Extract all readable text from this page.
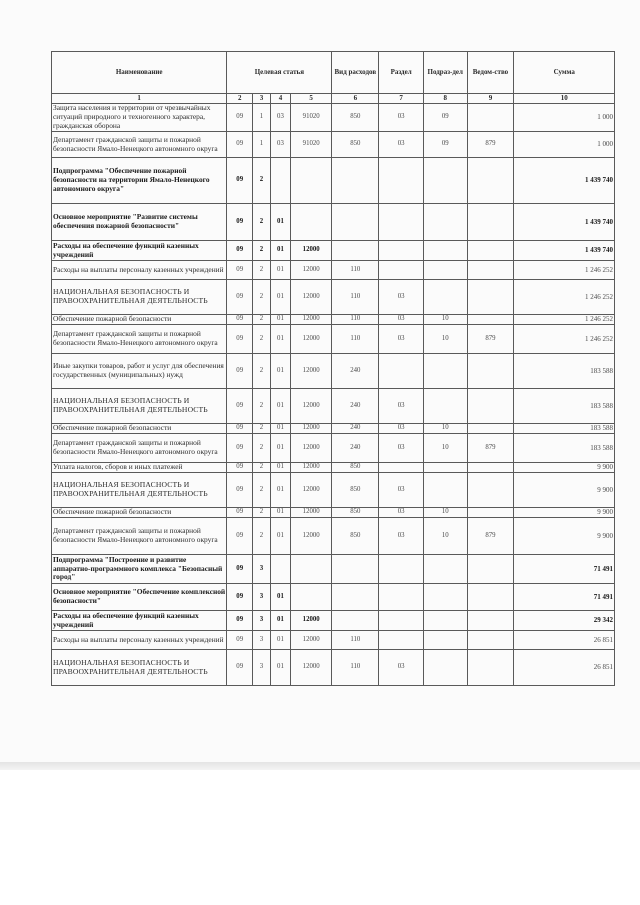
Наименование	Целевая статья				Вид расходов	Раздел	Подраз-дел	Ведом-ство	Сумма
1	2	3	4	5	6	7	8	9	10
Защита населения и территории от чрезвычайных ситуаций природного и техногенного характера, гражданская оборона	09	1	03	91020	850	03	09		1 000
Департамент гражданской защиты и пожарной безопасности Ямало-Ненецкого автономного округа	09	1	03	91020	850	03	09	879	1 000
Подпрограмма "Обеспечение пожарной безопасности на территории Ямало-Ненецкого автономного округа"	09	2							1 439 740
Основное мероприятие "Развитие системы обеспечения пожарной безопасности"	09	2	01						1 439 740
Расходы на обеспечение функций казенных учреждений	09	2	01	12000					1 439 740
Расходы на выплаты персоналу казенных учреждений	09	2	01	12000	110				1 246 252
НАЦИОНАЛЬНАЯ БЕЗОПАСНОСТЬ И ПРАВООХРАНИТЕЛЬНАЯ ДЕЯТЕЛЬНОСТЬ	09	2	01	12000	110	03			1 246 252
Обеспечение пожарной безопасности	09	2	01	12000	110	03	10		1 246 252
Департамент гражданской защиты и пожарной безопасности Ямало-Ненецкого автономного округа	09	2	01	12000	110	03	10	879	1 246 252
Иные закупки товаров, работ и услуг для обеспечения государственных (муниципальных) нужд	09	2	01	12000	240				183 588
НАЦИОНАЛЬНАЯ БЕЗОПАСНОСТЬ И ПРАВООХРАНИТЕЛЬНАЯ ДЕЯТЕЛЬНОСТЬ	09	2	01	12000	240	03			183 588
Обеспечение пожарной безопасности	09	2	01	12000	240	03	10		183 588
Департамент гражданской защиты и пожарной безопасности Ямало-Ненецкого автономного округа	09	2	01	12000	240	03	10	879	183 588
Уплата налогов, сборов и иных платежей	09	2	01	12000	850				9 900
НАЦИОНАЛЬНАЯ БЕЗОПАСНОСТЬ И ПРАВООХРАНИТЕЛЬНАЯ ДЕЯТЕЛЬНОСТЬ	09	2	01	12000	850	03			9 900
Обеспечение пожарной безопасности	09	2	01	12000	850	03	10		9 900
Департамент гражданской защиты и пожарной безопасности Ямало-Ненецкого автономного округа	09	2	01	12000	850	03	10	879	9 900
Подпрограмма "Построение и развитие аппаратно-программного комплекса "Безопасный город"	09	3							71 491
Основное мероприятие "Обеспечение комплексной безопасности"	09	3	01						71 491
Расходы на обеспечение функций казенных учреждений	09	3	01	12000					29 342
Расходы на выплаты персоналу казенных учреждений	09	3	01	12000	110				26 851
НАЦИОНАЛЬНАЯ БЕЗОПАСНОСТЬ И ПРАВООХРАНИТЕЛЬНАЯ ДЕЯТЕЛЬНОСТЬ	09	3	01	12000	110	03			26 851
